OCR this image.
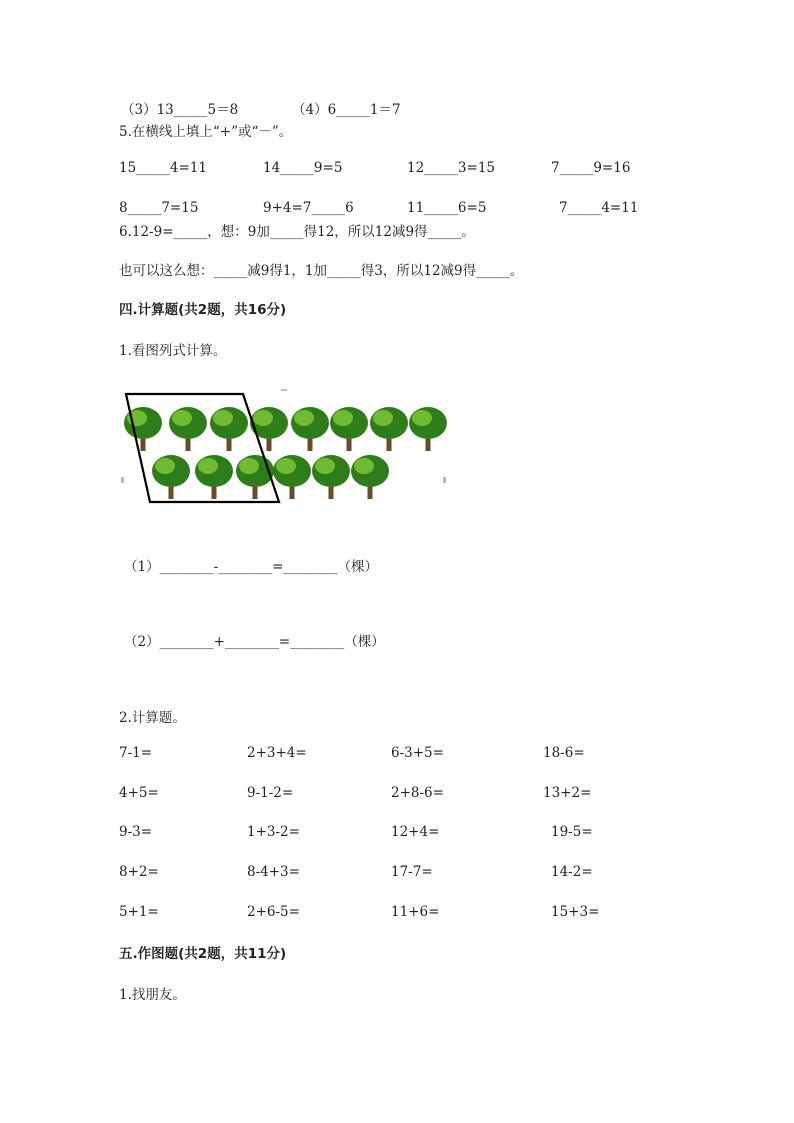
（3）13_____5＝8	（4）6_____1＝7
5.在横线上填上“+”或“－”。
15_____4=11	14_____9=5	12_____3=15	7_____9=16
8_____7=15	9+4=7_____6	11_____6=5	7_____4=11
6.12-9=_____，想：9加_____得12，所以12减9得_____。
也可以这么想：_____减9得1，1加_____得3，所以12减9得_____。
四.计算题(共2题，共16分)
1.看图列式计算。
（1）________-________=________（棵）
（2）________+________=________（棵）
2.计算题。
7-1=	2+3+4=	6-3+5=	18-6=
4+5=	9-1-2=	2+8-6=	13+2=
9-3=	1+3-2=	12+4=	19-5=
8+2=	8-4+3=	17-7=	14-2=
5+1=	2+6-5=	11+6=	15+3=
五.作图题(共2题，共11分)
1.找朋友。
